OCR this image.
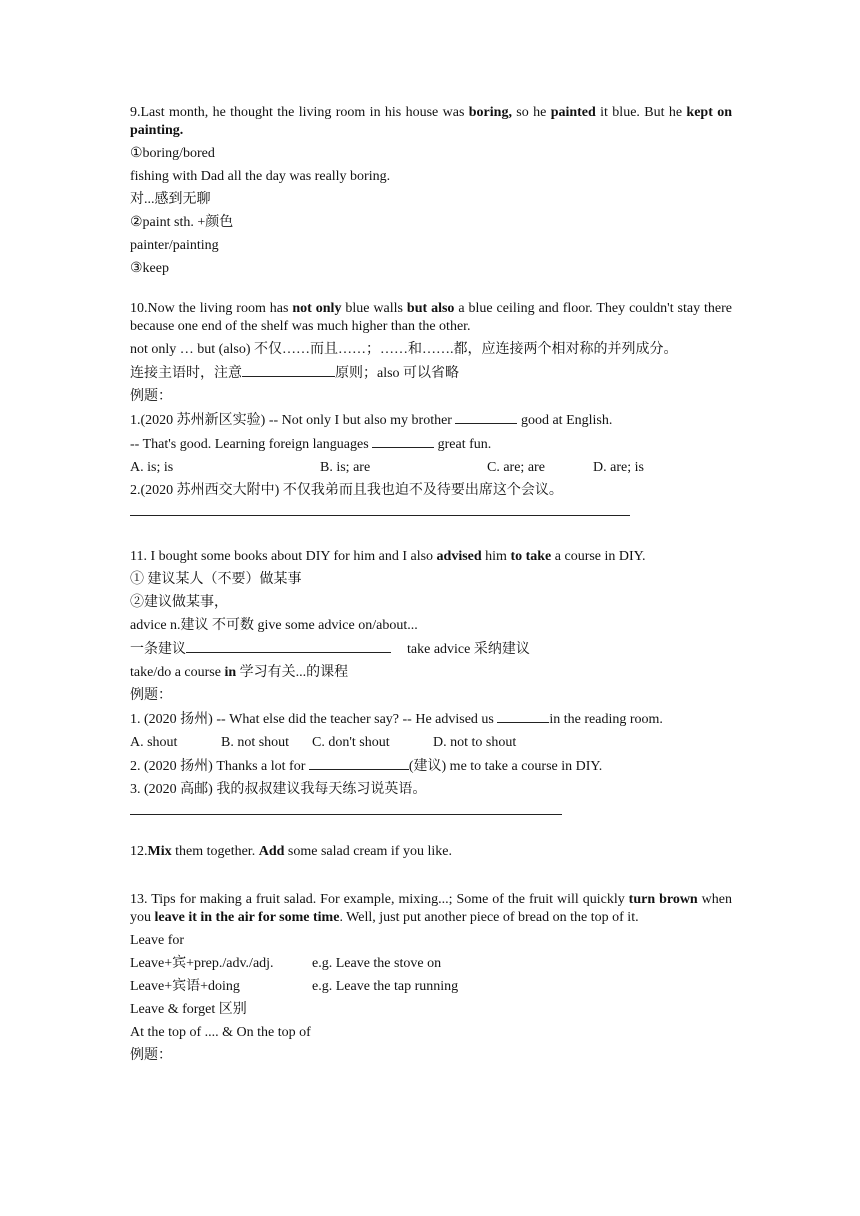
9.Last month, he thought the living room in his house was boring, so he painted it blue. But he kept on painting.
①boring/bored
fishing with Dad all the day was really boring.
对...感到无聊
②paint sth. +颜色
painter/painting
③keep
10.Now the living room has not only blue walls but also a blue ceiling and floor. They couldn't stay there because one end of the shelf was much higher than the other.
not only … but (also) 不仅……而且……；……和…….都，应连接两个相对称的并列成分。
连接主语时，注意	原则；also 可以省略
例题：
1.(2020 苏州新区实验) -- Not only I but also my brother	good at English.
-- That's good. Learning foreign languages	great fun.
A. is; is	B. is; are	C. are; are	D. are; is
2.(2020 苏州西交大附中) 不仅我弟而且我也迫不及待要出席这个会议。
11. I bought some books about DIY for him and I also advised him to take a course in DIY.
① 建议某人（不要）做某事
②建议做某事，
advice n.建议 不可数 give some advice on/about...
一条建议	take advice 采纳建议
take/do a course in 学习有关...的课程
例题：
1. (2020 扬州) -- What else did the teacher say? -- He advised us	in the reading room.
A. shout	B. not shout	C. don't shout	D. not to shout
2. (2020 扬州) Thanks a lot for	(建议) me to take a course in DIY.
3. (2020 高邮) 我的叔叔建议我每天练习说英语。
12.Mix them together. Add some salad cream if you like.
13. Tips for making a fruit salad. For example, mixing...; Some of the fruit will quickly turn brown when you leave it in the air for some time. Well, just put another piece of bread on the top of it.
Leave for
Leave+宾+prep./adv./adj.	e.g. Leave the stove on
Leave+宾语+doing	e.g. Leave the tap running
Leave & forget 区别
At the top of .... & On the top of
例题：
